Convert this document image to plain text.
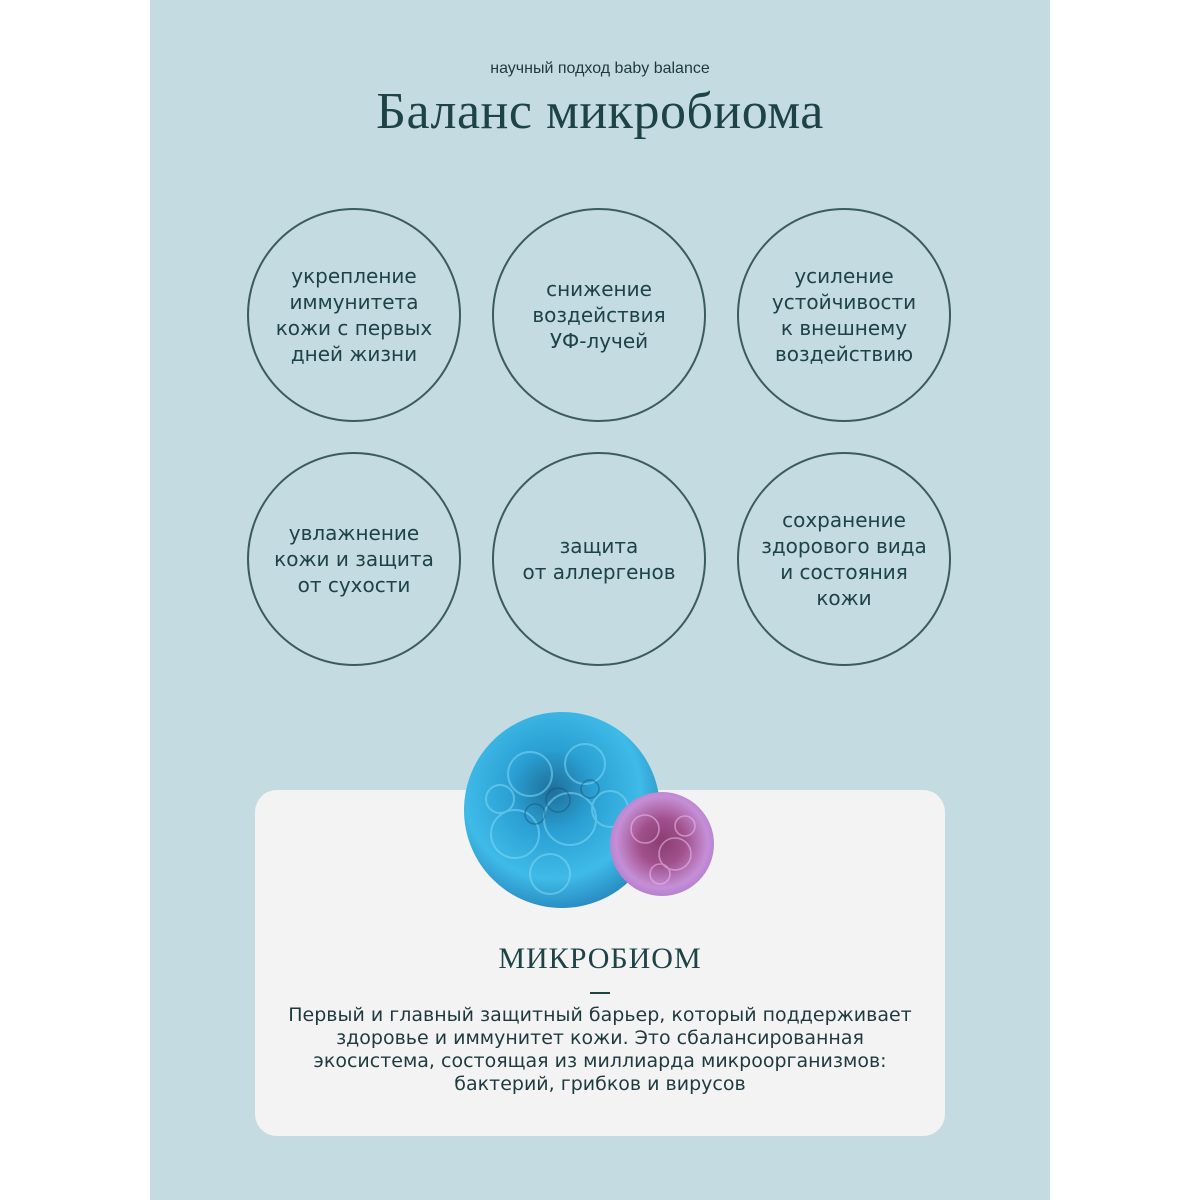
научный подход baby balance
Баланс микробиома
укрепление
иммунитета
кожи с первых
дней жизни
снижение
воздействия
УФ-лучей
усиление
устойчивости
к внешнему
воздействию
увлажнение
кожи и защита
от сухости
защита
от аллергенов
сохранение
здорового вида
и состояния
кожи
МИКРОБИОМ
Первый и главный защитный барьер, который поддерживает
здоровье и иммунитет кожи. Это сбалансированная
экосистема, состоящая из миллиарда микроорганизмов:
бактерий, грибков и вирусов
